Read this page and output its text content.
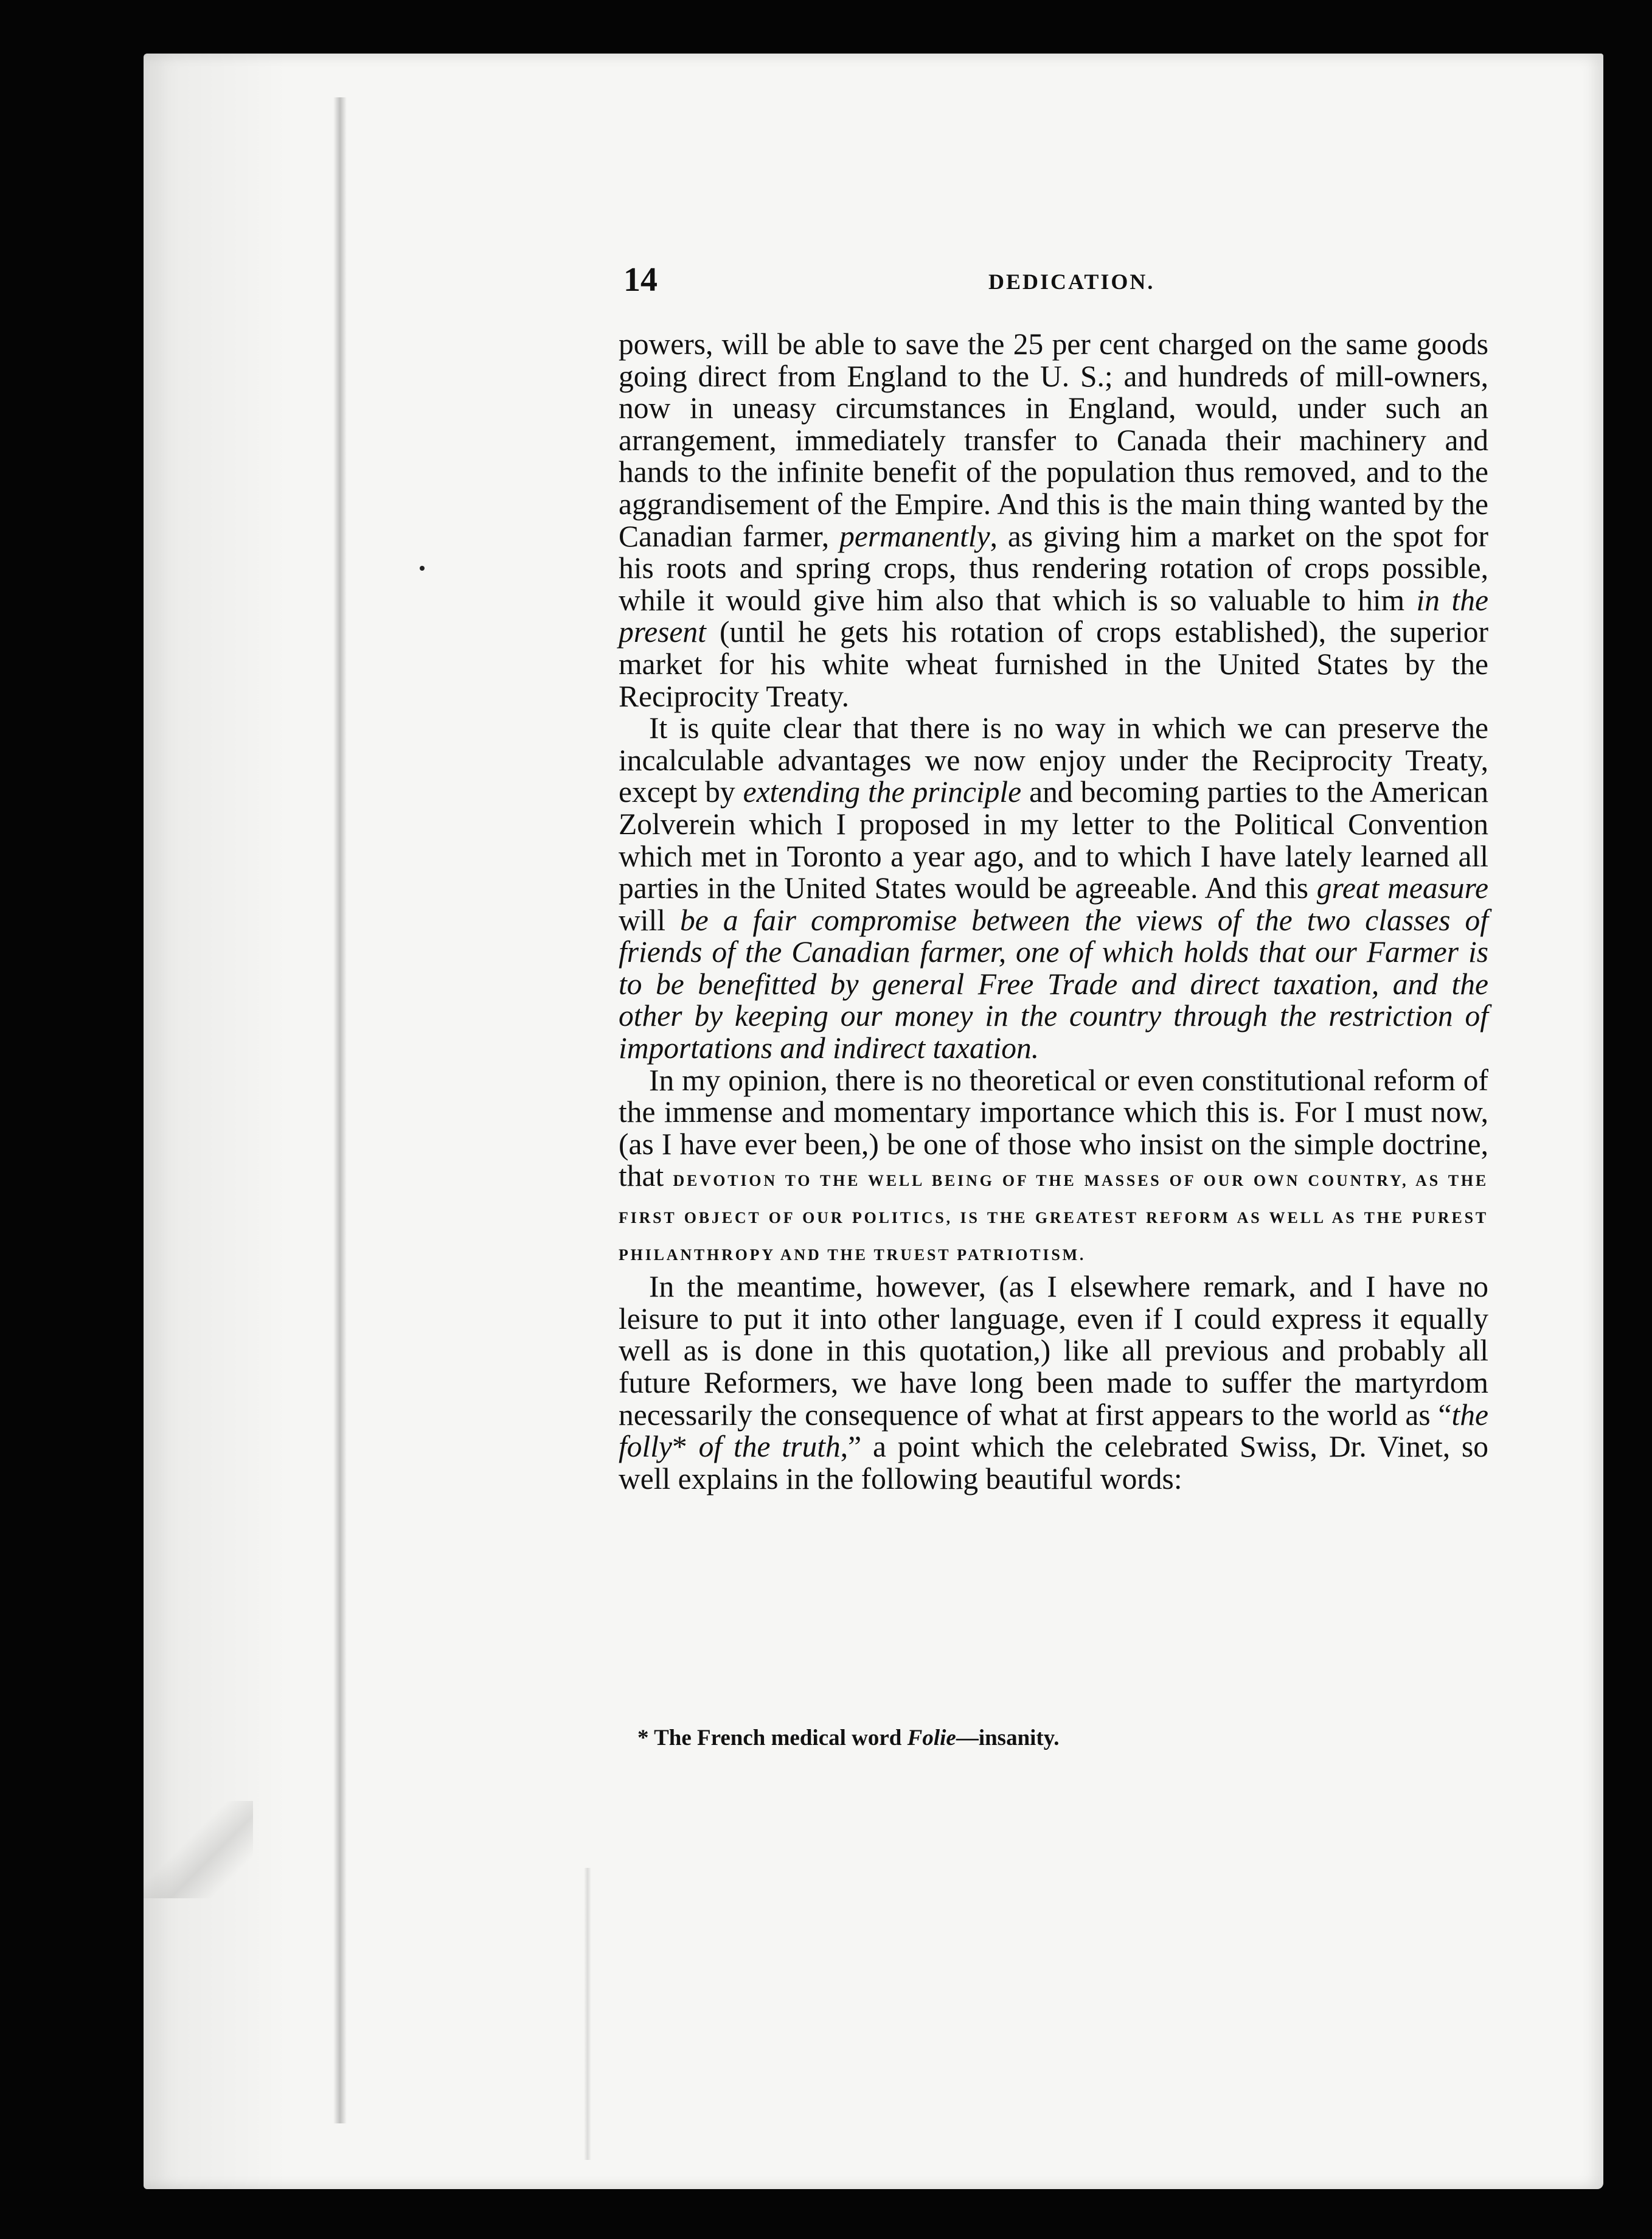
14	DEDICATION.

powers, will be able to save the 25 per cent charged on the same goods going direct from England to the U. S.; and hundreds of mill-owners, now in uneasy circumstances in England, would, under such an arrangement, immediately transfer to Canada their machinery and hands to the infinite benefit of the population thus removed, and to the aggrandisement of the Empire. And this is the main thing wanted by the Canadian farmer, permanently, as giving him a market on the spot for his roots and spring crops, thus rendering rotation of crops possible, while it would give him also that which is so valuable to him in the present (until he gets his rotation of crops established), the superior market for his white wheat furnished in the United States by the Reciprocity Treaty.

It is quite clear that there is no way in which we can preserve the incalculable advantages we now enjoy under the Reciprocity Treaty, except by extending the principle and becoming parties to the American Zolverein which I proposed in my letter to the Political Convention which met in Toronto a year ago, and to which I have lately learned all parties in the United States would be agreeable. And this great measure will be a fair compromise between the views of the two classes of friends of the Canadian farmer, one of which holds that our Farmer is to be benefitted by general Free Trade and direct taxation, and the other by keeping our money in the country through the restriction of importations and indirect taxation.

In my opinion, there is no theoretical or even constitutional reform of the immense and momentary importance which this is. For I must now, (as I have ever been,) be one of those who insist on the simple doctrine, that DEVOTION TO THE WELL BEING OF THE MASSES OF OUR OWN COUNTRY, AS THE FIRST OBJECT OF OUR POLITICS, IS THE GREATEST REFORM AS WELL AS THE PUREST PHILANTHROPY AND THE TRUEST PATRIOTISM.

In the meantime, however, (as I elsewhere remark, and I have no leisure to put it into other language, even if I could express it equally well as is done in this quotation,) like all previous and probably all future Reformers, we have long been made to suffer the martyrdom necessarily the consequence of what at first appears to the world as “the folly* of the truth,” a point which the celebrated Swiss, Dr. Vinet, so well explains in the following beautiful words:

* The French medical word Folie—insanity.
